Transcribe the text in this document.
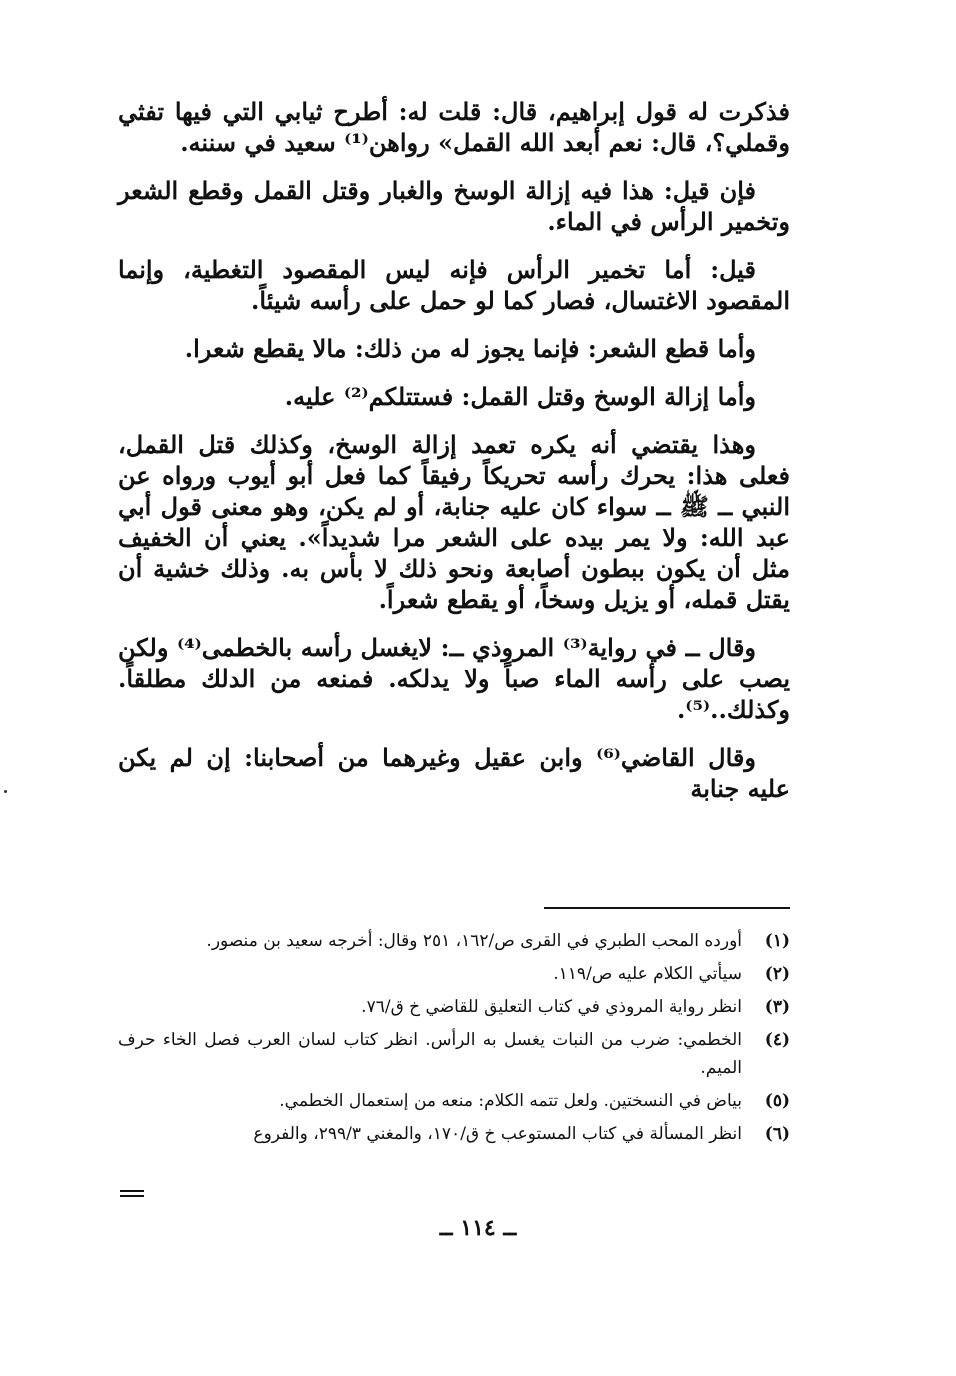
فذكرت له قول إبراهيم، قال: قلت له: أطرح ثيابي التي فيها تفثي وقملي؟، قال: نعم أبعد الله القمل» رواهن⁽¹⁾ سعيد في سننه.

فإن قيل: هذا فيه إزالة الوسخ والغبار وقتل القمل وقطع الشعر وتخمير الرأس في الماء.

قيل: أما تخمير الرأس فإنه ليس المقصود التغطية، وإنما المقصود الاغتسال، فصار كما لو حمل على رأسه شيئاً.

وأما قطع الشعر: فإنما يجوز له من ذلك: مالا يقطع شعرا.

وأما إزالة الوسخ وقتل القمل: فستتلكم⁽²⁾ عليه.

وهذا يقتضي أنه يكره تعمد إزالة الوسخ، وكذلك قتل القمل، فعلى هذا: يحرك رأسه تحريكاً رفيقاً كما فعل أبو أيوب ورواه عن النبي ــ ﷺ ــ سواء كان عليه جنابة، أو لم يكن، وهو معنى قول أبي عبد الله: ولا يمر بيده على الشعر مرا شديداً». يعني أن الخفيف مثل أن يكون ببطون أصابعة ونحو ذلك لا بأس به. وذلك خشية أن يقتل قمله، أو يزيل وسخاً، أو يقطع شعراً.

وقال ــ في رواية⁽³⁾ المروذي ــ: لايغسل رأسه بالخطمى⁽⁴⁾ ولكن يصب على رأسه الماء صباً ولا يدلكه. فمنعه من الدلك مطلقاً. وكذلك..⁽⁵⁾.

وقال القاضي⁽⁶⁾ وابن عقيل وغيرهما من أصحابنا: إن لم يكن عليه جنابة

(١)
أورده المحب الطبري في القرى ص/١٦٢، ٢٥١ وقال: أخرجه سعيد بن منصور.
(٢)
سيأتي الكلام عليه ص/١١٩.
(٣)
انظر رواية المروذي في كتاب التعليق للقاضي خ ق/٧٦.
(٤)
الخطمي: ضرب من النبات يغسل به الرأس. انظر كتاب لسان العرب فصل الخاء حرف الميم.
(٥)
بياض في النسختين. ولعل تتمه الكلام: منعه من إستعمال الخطمي.
(٦)
انظر المسألة في كتاب المستوعب خ ق/١٧٠، والمغني ٢٩٩/٣، والفروع
ــ ١١٤ ــ
